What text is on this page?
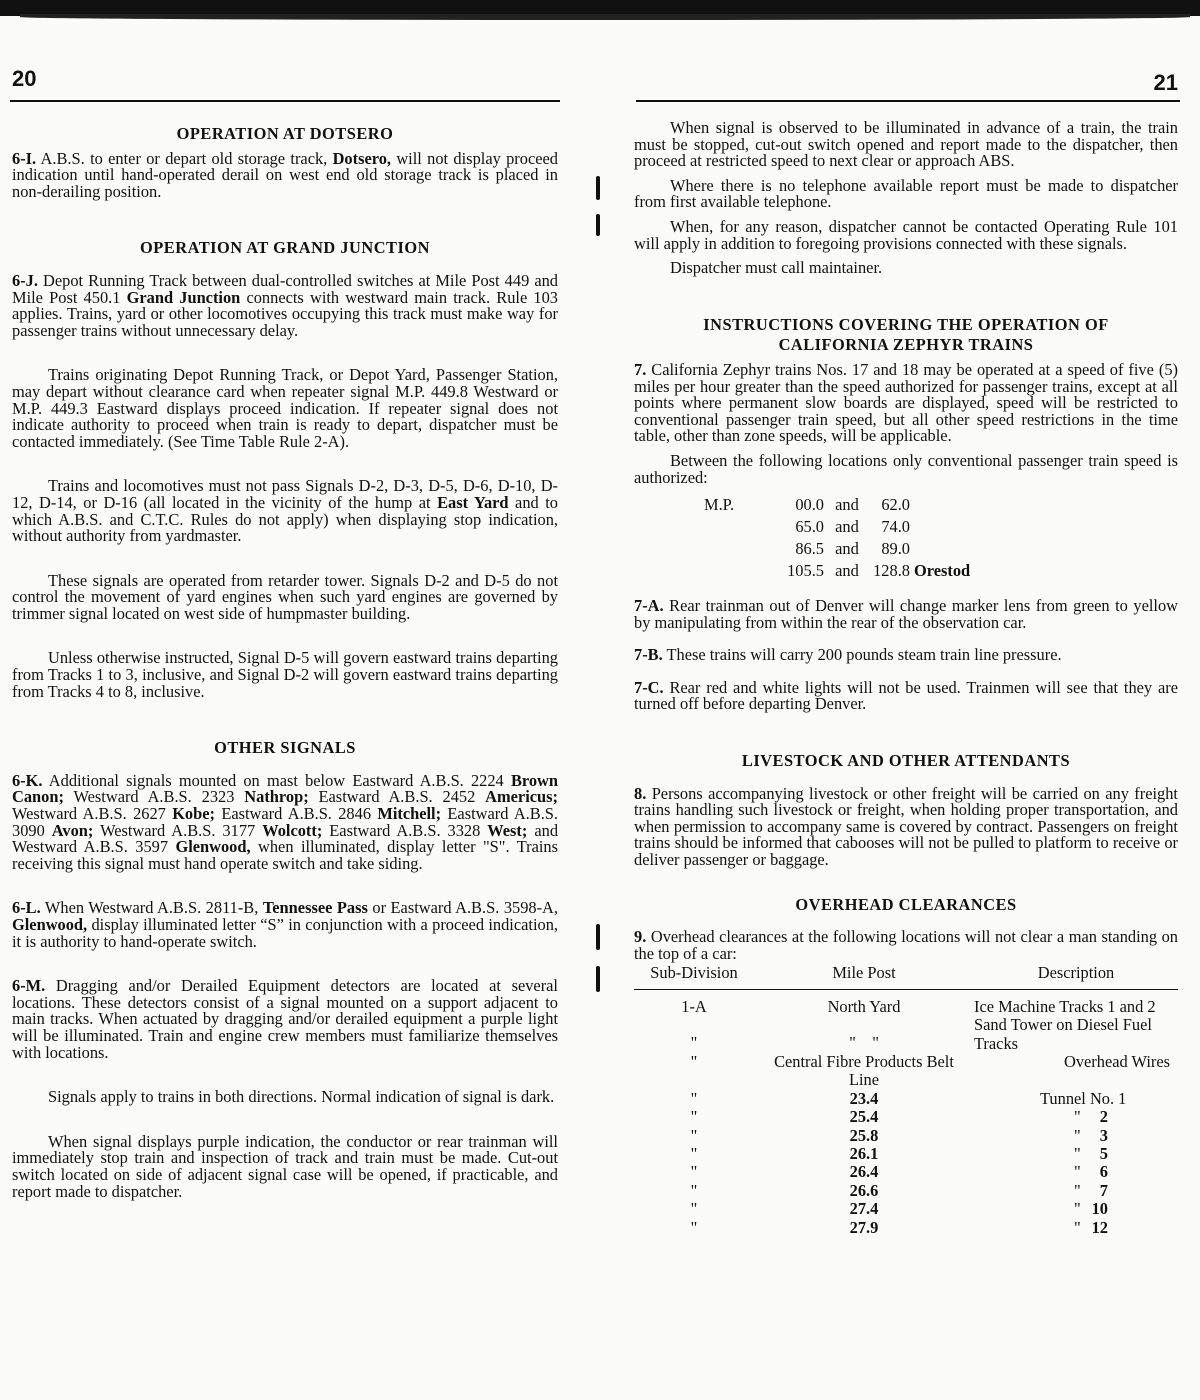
20	21
OPERATION AT DOTSERO

6-I. A.B.S. to enter or depart old storage track, Dotsero, will not display proceed indication until hand-operated derail on west end old storage track is placed in non-derailing position.

OPERATION AT GRAND JUNCTION

6-J. Depot Running Track between dual-controlled switches at Mile Post 449 and Mile Post 450.1 Grand Junction connects with westward main track. Rule 103 applies. Trains, yard or other locomotives occupying this track must make way for passenger trains without unnecessary delay.

Trains originating Depot Running Track, or Depot Yard, Passenger Station, may depart without clearance card when repeater signal M.P. 449.8 Westward or M.P. 449.3 Eastward displays proceed indication. If repeater signal does not indicate authority to proceed when train is ready to depart, dispatcher must be contacted immediately. (See Time Table Rule 2-A).

Trains and locomotives must not pass Signals D-2, D-3, D-5, D-6, D-10, D-12, D-14, or D-16 (all located in the vicinity of the hump at East Yard and to which A.B.S. and C.T.C. Rules do not apply) when displaying stop indication, without authority from yardmaster.

These signals are operated from retarder tower. Signals D-2 and D-5 do not control the movement of yard engines when such yard engines are governed by trimmer signal located on west side of humpmaster building.

Unless otherwise instructed, Signal D-5 will govern eastward trains departing from Tracks 1 to 3, inclusive, and Signal D-2 will govern eastward trains departing from Tracks 4 to 8, inclusive.

OTHER SIGNALS

6-K. Additional signals mounted on mast below Eastward A.B.S. 2224 Brown Canon; Westward A.B.S. 2323 Nathrop; Eastward A.B.S. 2452 Americus; Westward A.B.S. 2627 Kobe; Eastward A.B.S. 2846 Mitchell; Eastward A.B.S. 3090 Avon; Westward A.B.S. 3177 Wolcott; Eastward A.B.S. 3328 West; and Westward A.B.S. 3597 Glenwood, when illuminated, display letter "S". Trains receiving this signal must hand operate switch and take siding.

6-L. When Westward A.B.S. 2811-B, Tennessee Pass or Eastward A.B.S. 3598-A, Glenwood, display illuminated letter “S” in conjunction with a proceed indication, it is authority to hand-operate switch.

6-M. Dragging and/or Derailed Equipment detectors are located at several locations. These detectors consist of a signal mounted on a support adjacent to main tracks. When actuated by dragging and/or derailed equipment a purple light will be illuminated. Train and engine crew members must familiarize themselves with locations.

Signals apply to trains in both directions. Normal indication of signal is dark.

When signal displays purple indication, the conductor or rear trainman will immediately stop train and inspection of track and train must be made. Cut-out switch located on side of adjacent signal case will be opened, if practicable, and report made to dispatcher.

When signal is observed to be illuminated in advance of a train, the train must be stopped, cut-out switch opened and report made to the dispatcher, then proceed at restricted speed to next clear or approach ABS.

Where there is no telephone available report must be made to dispatcher from first available telephone.

When, for any reason, dispatcher cannot be contacted Operating Rule 101 will apply in addition to foregoing provisions connected with these signals.

Dispatcher must call maintainer.

INSTRUCTIONS COVERING THE OPERATION OF
CALIFORNIA ZEPHYR TRAINS

7. California Zephyr trains Nos. 17 and 18 may be operated at a speed of five (5) miles per hour greater than the speed authorized for passenger trains, except at all points where permanent slow boards are displayed, speed will be restricted to conventional passenger train speed, but all other speed restrictions in the time table, other than zone speeds, will be applicable.

Between the following locations only conventional passenger train speed is authorized:

M.P.	00.0 and	62.0
65.0 and	74.0
86.5 and	89.0
105.5 and 128.8 Orestod

7-A. Rear trainman out of Denver will change marker lens from green to yellow by manipulating from within the rear of the observation car.

7-B. These trains will carry 200 pounds steam train line pressure.

7-C. Rear red and white lights will not be used. Trainmen will see that they are turned off before departing Denver.

LIVESTOCK AND OTHER ATTENDANTS

8. Persons accompanying livestock or other freight will be carried on any freight trains handling such livestock or freight, when holding proper transportation, and when permission to accompany same is covered by contract. Passengers on freight trains should be informed that cabooses will not be pulled to platform to receive or deliver passenger or baggage.

OVERHEAD CLEARANCES

9. Overhead clearances at the following locations will not clear a man standing on the top of a car:

Sub-Division	Mile Post	Description

1-A	North Yard	Ice Machine Tracks 1 and 2
"	"    "	Sand Tower on Diesel Fuel Tracks
"	Central Fibre Products Belt Line	Overhead Wires
"	23.4	Tunnel No. 1
"	25.4	" 2

"	25.8	" 3

"	26.1	" 5

"	26.4	" 6

"	26.6	" 7

"	27.4	" 10

"	27.9	" 12
